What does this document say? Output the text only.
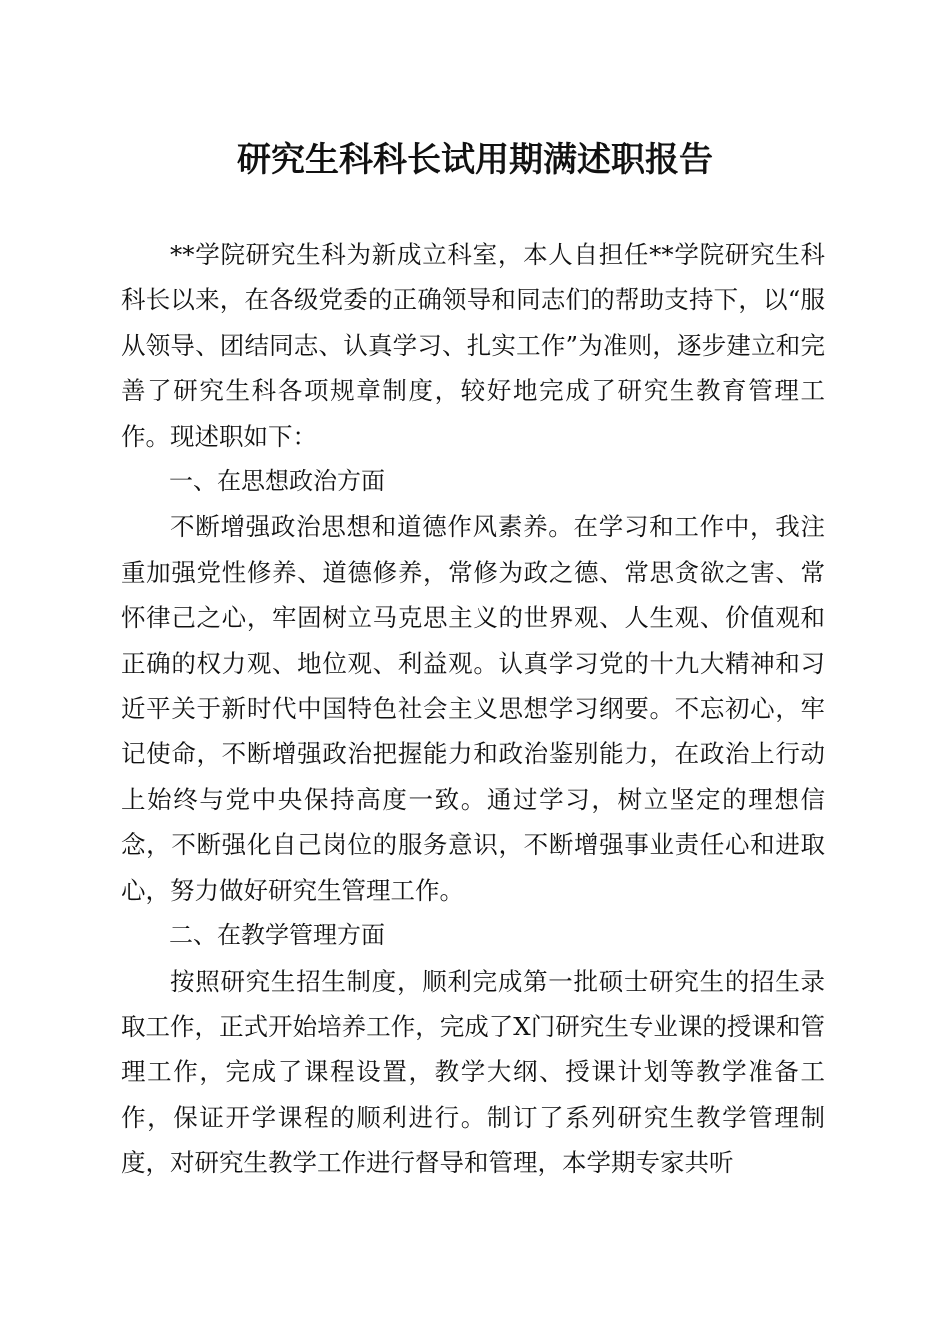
研究生科科长试用期满述职报告

**学院研究生科为新成立科室，本人自担任**学院研究生科科长以来，在各级党委的正确领导和同志们的帮助支持下，以“服从领导、团结同志、认真学习、扎实工作”为准则，逐步建立和完善了研究生科各项规章制度，较好地完成了研究生教育管理工作。现述职如下：

一、在思想政治方面

不断增强政治思想和道德作风素养。在学习和工作中，我注重加强党性修养、道德修养，常修为政之德、常思贪欲之害、常怀律己之心，牢固树立马克思主义的世界观、人生观、价值观和正确的权力观、地位观、利益观。认真学习党的十九大精神和习近平关于新时代中国特色社会主义思想学习纲要。不忘初心，牢记使命，不断增强政治把握能力和政治鉴别能力，在政治上行动上始终与党中央保持高度一致。通过学习，树立坚定的理想信念，不断强化自己岗位的服务意识，不断增强事业责任心和进取心，努力做好研究生管理工作。

二、在教学管理方面

按照研究生招生制度，顺利完成第一批硕士研究生的招生录取工作，正式开始培养工作，完成了X门研究生专业课的授课和管理工作，完成了课程设置，教学大纲、授课计划等教学准备工作，保证开学课程的顺利进行。制订了系列研究生教学管理制度，对研究生教学工作进行督导和管理，本学期专家共听
